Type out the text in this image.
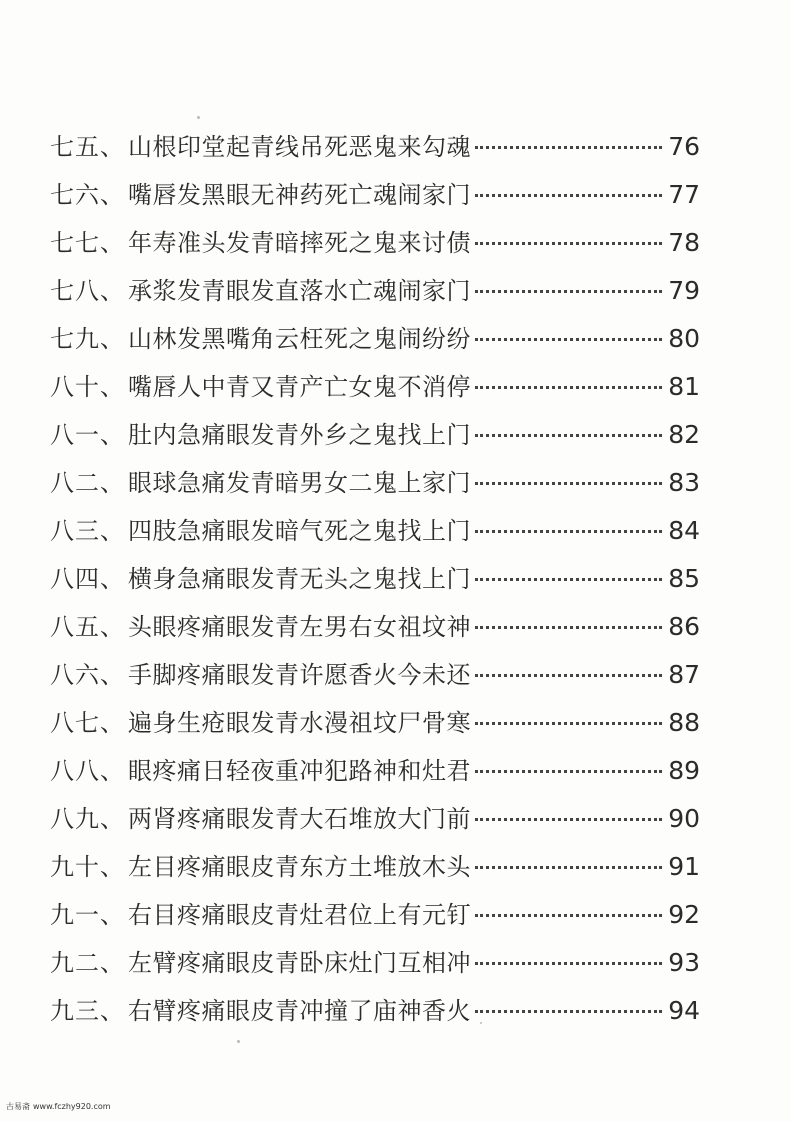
七五 、 山根印堂起青线吊死恶鬼来勾魂	76
七六 、 嘴唇发黑眼无神药死亡魂闹家门	77
七七 、 年寿准头发青暗摔死之鬼来讨债	78
七八 、 承浆发青眼发直落水亡魂闹家门	79
七九 、 山林发黑嘴角云枉死之鬼闹纷纷	80
八十 、 嘴唇人中青又青产亡女鬼不消停	81
八一 、 肚内急痛眼发青外乡之鬼找上门	82
八二 、 眼球急痛发青暗男女二鬼上家门	83
八三 、 四肢急痛眼发暗气死之鬼找上门	84
八四 、 横身急痛眼发青无头之鬼找上门	85
八五 、 头眼疼痛眼发青左男右女祖坟神	86
八六 、 手脚疼痛眼发青许愿香火今未还	87
八七 、 遍身生疮眼发青水漫祖坟尸骨寒	88
八八 、 眼疼痛日轻夜重冲犯路神和灶君	89
八九 、 两肾疼痛眼发青大石堆放大门前	90
九十 、 左目疼痛眼皮青东方土堆放木头	91
九一 、 右目疼痛眼皮青灶君位上有元钉	92
九二 、 左臂疼痛眼皮青卧床灶门互相冲	93
九三 、 右臂疼痛眼皮青冲撞了庙神香火	94
古易斋 www.fczhy920.com
